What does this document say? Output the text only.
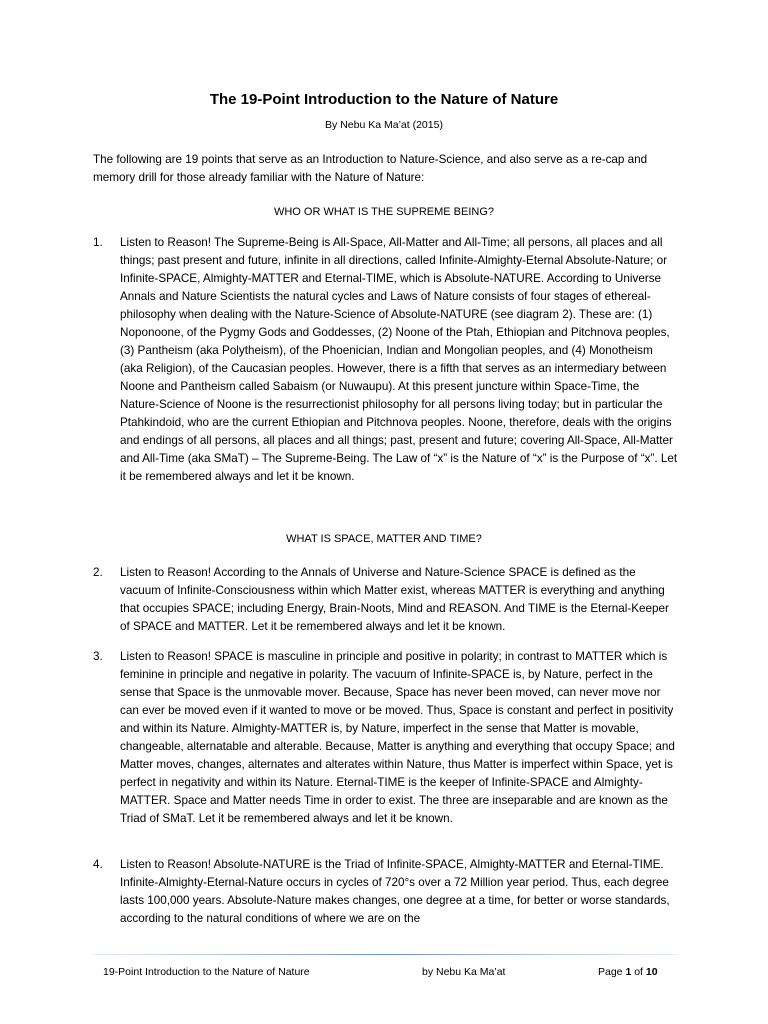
The 19-Point Introduction to the Nature of Nature
By Nebu Ka Ma’at (2015)

The following are 19 points that serve as an Introduction to Nature-Science, and also serve as a re-cap and memory drill for those already familiar with the Nature of Nature:

WHO OR WHAT IS THE SUPREME BEING?
1.	Listen to Reason! The Supreme-Being is All-Space, All-Matter and All-Time; all persons, all places and all things; past present and future, infinite in all directions, called Infinite-Almighty-Eternal Absolute-Nature; or Infinite-SPACE, Almighty-MATTER and Eternal-TIME, which is Absolute-NATURE. According to Universe Annals and Nature Scientists the natural cycles and Laws of Nature consists of four stages of ethereal-philosophy when dealing with the Nature-Science of Absolute-NATURE (see diagram 2). These are: (1) Noponoone, of the Pygmy Gods and Goddesses, (2) Noone of the Ptah, Ethiopian and Pitchnova peoples, (3) Pantheism (aka Polytheism), of the Phoenician, Indian and Mongolian peoples, and (4) Monotheism (aka Religion), of the Caucasian peoples. However, there is a fifth that serves as an intermediary between Noone and Pantheism called Sabaism (or Nuwaupu). At this present juncture within Space-Time, the Nature-Science of Noone is the resurrectionist philosophy for all persons living today; but in particular the Ptahkindoid, who are the current Ethiopian and Pitchnova peoples. Noone, therefore, deals with the origins and endings of all persons, all places and all things; past, present and future; covering All-Space, All-Matter and All-Time (aka SMaT) – The Supreme-Being. The Law of “x” is the Nature of “x” is the Purpose of “x”. Let it be remembered always and let it be known.
WHAT IS SPACE, MATTER AND TIME?
2.	Listen to Reason! According to the Annals of Universe and Nature-Science SPACE is defined as the vacuum of Infinite-Consciousness within which Matter exist, whereas MATTER is everything and anything that occupies SPACE; including Energy, Brain-Noots, Mind and REASON. And TIME is the Eternal-Keeper of SPACE and MATTER. Let it be remembered always and let it be known.
3.	Listen to Reason! SPACE is masculine in principle and positive in polarity; in contrast to MATTER which is feminine in principle and negative in polarity. The vacuum of Infinite-SPACE is, by Nature, perfect in the sense that Space is the unmovable mover. Because, Space has never been moved, can never move nor can ever be moved even if it wanted to move or be moved. Thus, Space is constant and perfect in positivity and within its Nature. Almighty-MATTER is, by Nature, imperfect in the sense that Matter is movable, changeable, alternatable and alterable. Because, Matter is anything and everything that occupy Space; and Matter moves, changes, alternates and alterates within Nature, thus Matter is imperfect within Space, yet is perfect in negativity and within its Nature. Eternal-TIME is the keeper of Infinite-SPACE and Almighty-MATTER. Space and Matter needs Time in order to exist. The three are inseparable and are known as the Triad of SMaT. Let it be remembered always and let it be known.
4.	Listen to Reason! Absolute-NATURE is the Triad of Infinite-SPACE, Almighty-MATTER and Eternal-TIME. Infinite-Almighty-Eternal-Nature occurs in cycles of 720°s over a 72 Million year period. Thus, each degree lasts 100,000 years. Absolute-Nature makes changes, one degree at a time, for better or worse standards, according to the natural conditions of where we are on the
19-Point Introduction to the Nature of Nature	by Nebu Ka Ma’at	Page 1 of 10
